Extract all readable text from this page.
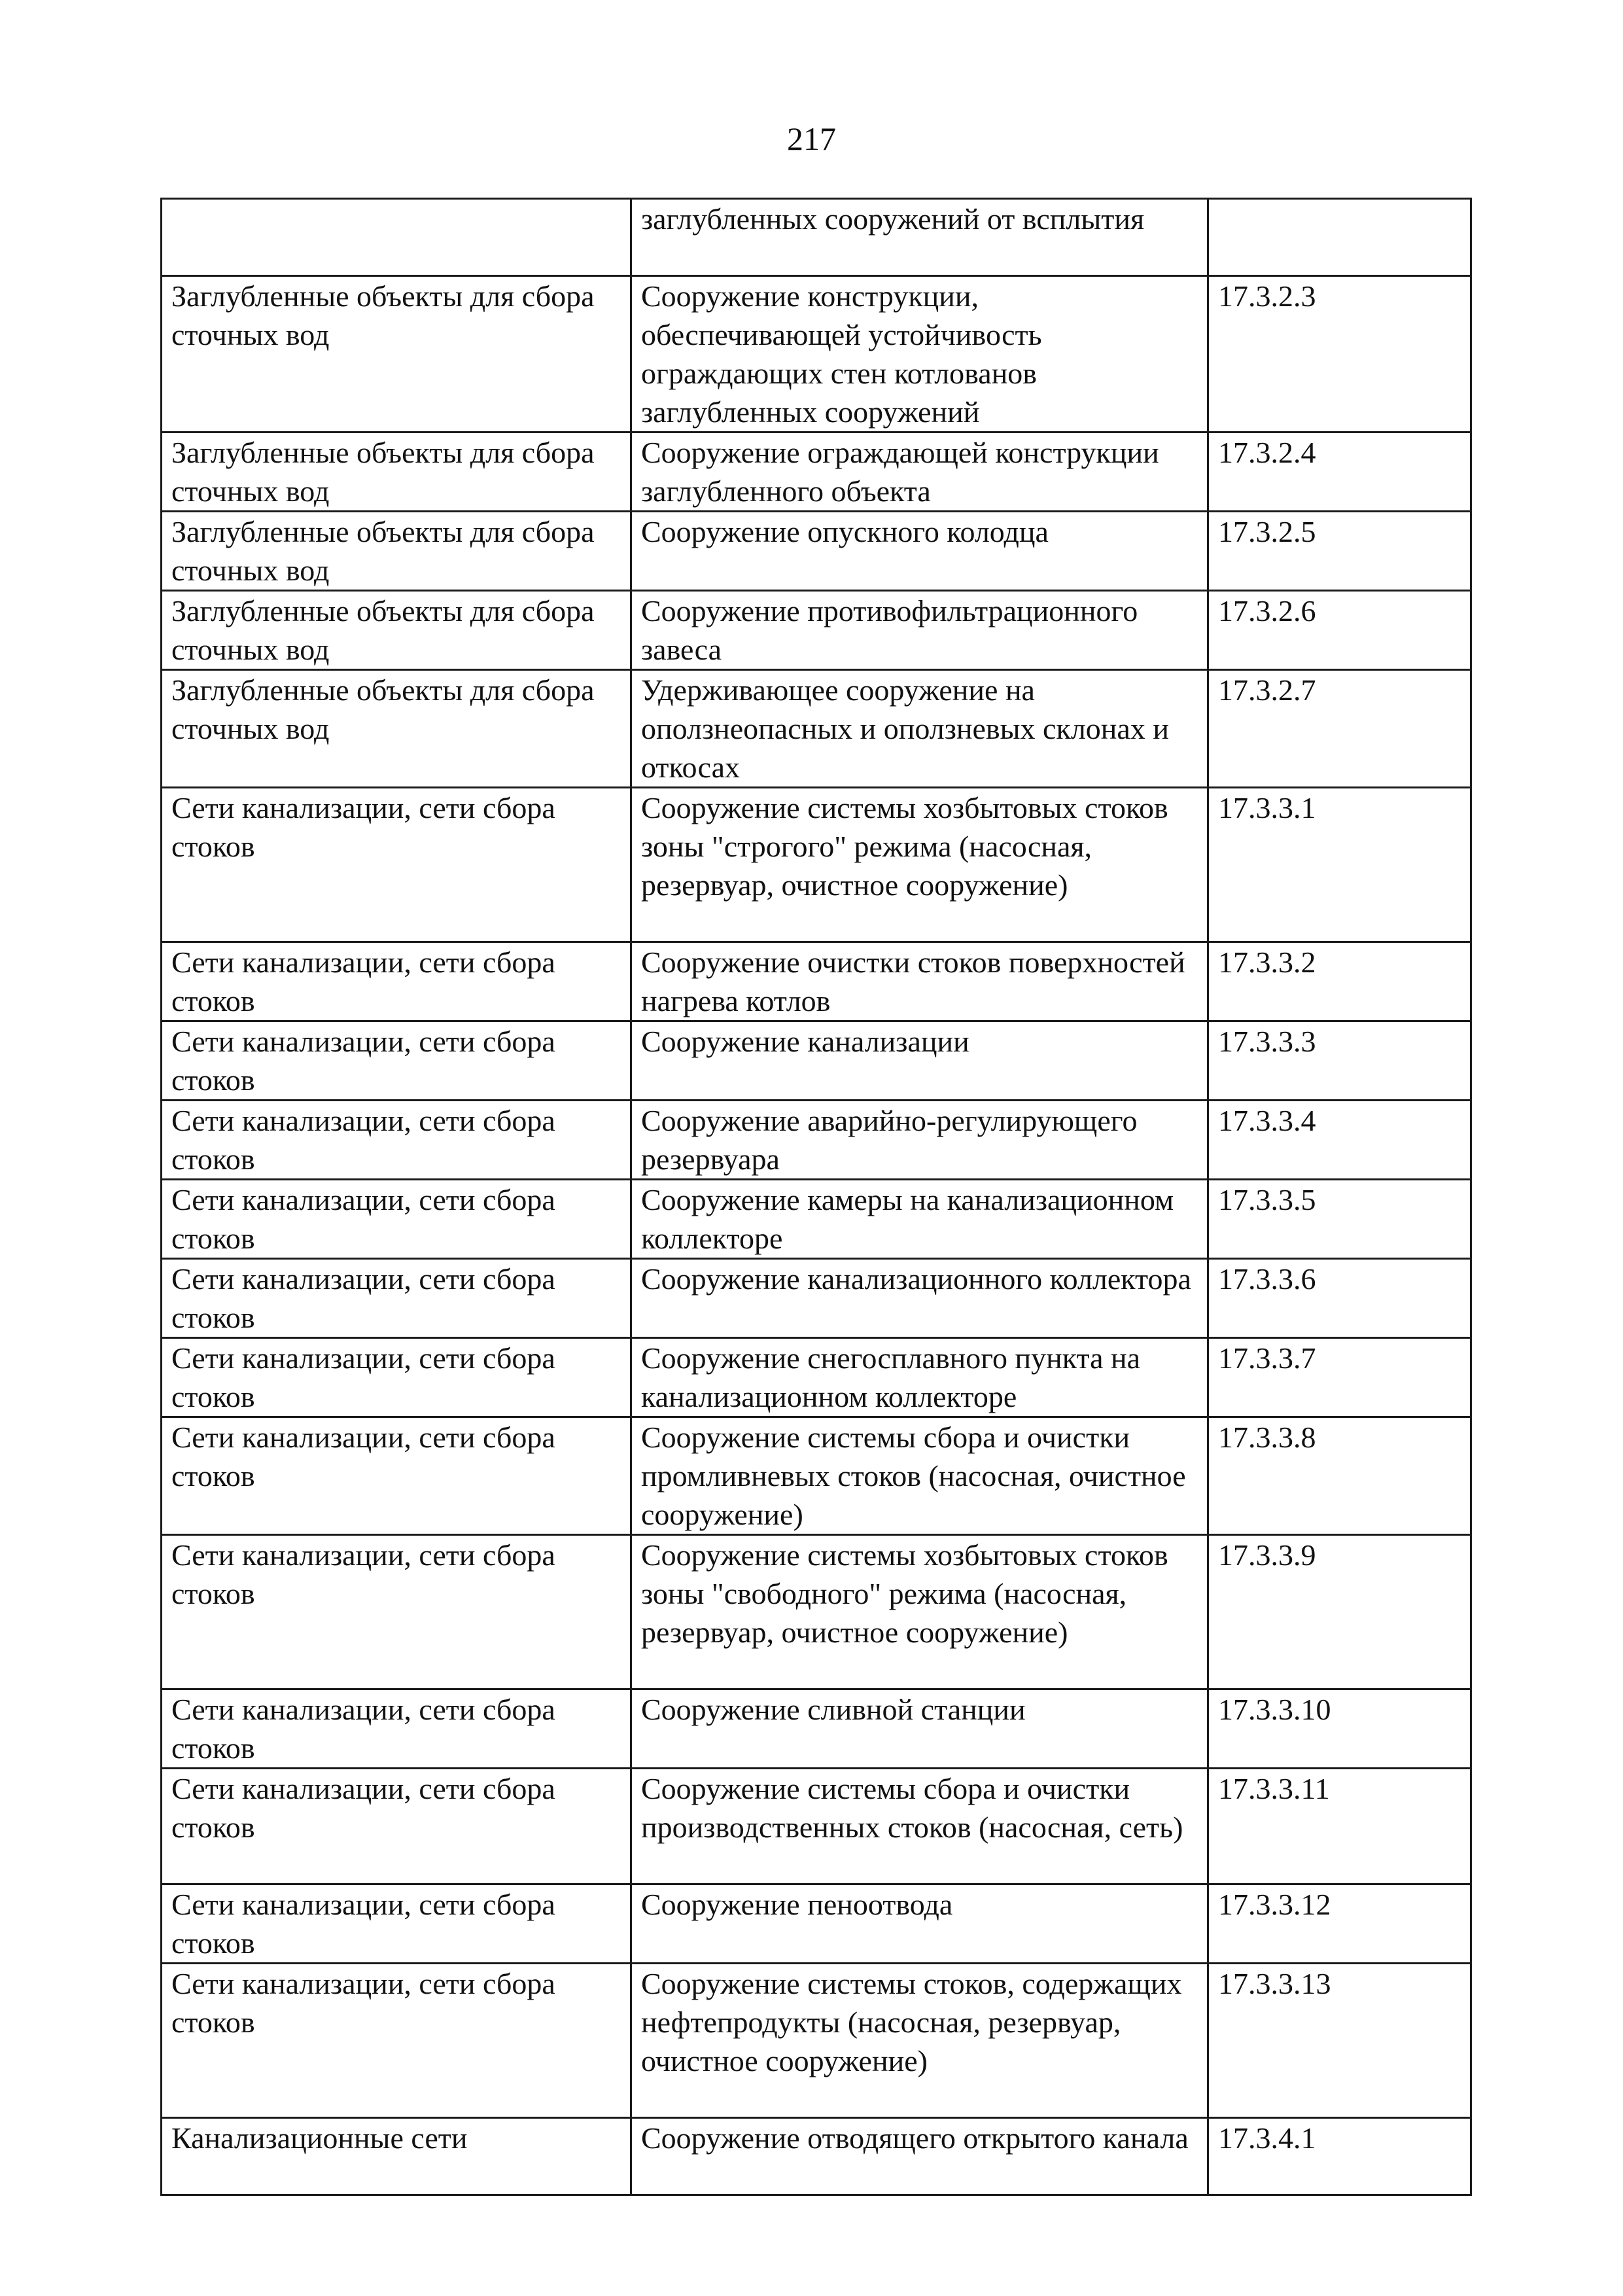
217
	заглубленных сооружений от всплытия	
Заглубленные объекты для сбора сточных вод	Сооружение конструкции, обеспечивающей устойчивость ограждающих стен котлованов заглубленных сооружений	17.3.2.3
Заглубленные объекты для сбора сточных вод	Сооружение ограждающей конструкции заглубленного объекта	17.3.2.4
Заглубленные объекты для сбора сточных вод	Сооружение опускного колодца	17.3.2.5
Заглубленные объекты для сбора сточных вод	Сооружение противофильтрационного завеса	17.3.2.6
Заглубленные объекты для сбора сточных вод	Удерживающее сооружение на оползнеопасных и оползневых склонах и откосах	17.3.2.7
Сети канализации, сети сбора стоков	Сооружение системы хозбытовых стоков зоны "строгого" режима (насосная, резервуар, очистное сооружение)	17.3.3.1
Сети канализации, сети сбора стоков	Сооружение очистки стоков поверхностей нагрева котлов	17.3.3.2
Сети канализации, сети сбора стоков	Сооружение канализации	17.3.3.3
Сети канализации, сети сбора стоков	Сооружение аварийно-регулирующего резервуара	17.3.3.4
Сети канализации, сети сбора стоков	Сооружение камеры на канализационном коллекторе	17.3.3.5
Сети канализации, сети сбора стоков	Сооружение канализационного коллектора	17.3.3.6
Сети канализации, сети сбора стоков	Сооружение снегосплавного пункта на канализационном коллекторе	17.3.3.7
Сети канализации, сети сбора стоков	Сооружение системы сбора и очистки промливневых стоков (насосная, очистное сооружение)	17.3.3.8
Сети канализации, сети сбора стоков	Сооружение системы хозбытовых стоков зоны "свободного" режима (насосная, резервуар, очистное сооружение)	17.3.3.9
Сети канализации, сети сбора стоков	Сооружение сливной станции	17.3.3.10
Сети канализации, сети сбора стоков	Сооружение системы сбора и очистки производственных стоков (насосная, сеть)	17.3.3.11
Сети канализации, сети сбора стоков	Сооружение пеноотвода	17.3.3.12
Сети канализации, сети сбора стоков	Сооружение системы стоков, содержащих нефтепродукты (насосная, резервуар, очистное сооружение)	17.3.3.13
Канализационные сети	Сооружение отводящего открытого канала	17.3.4.1
